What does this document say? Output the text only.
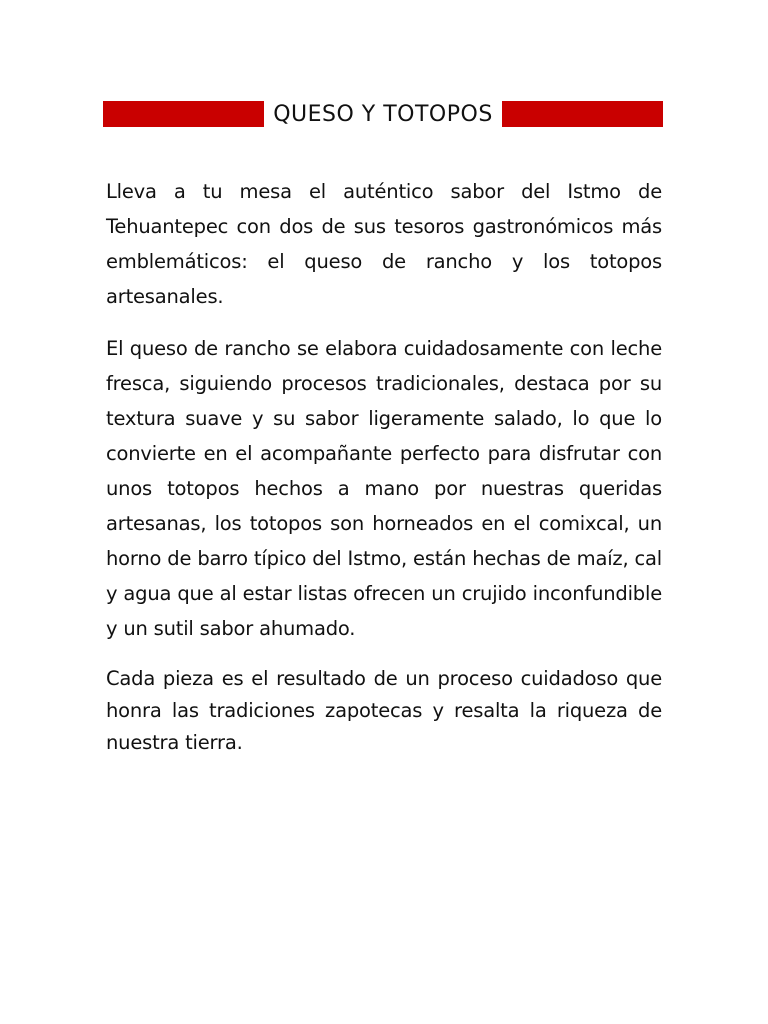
QUESO Y TOTOPOS

Lleva a tu mesa el auténtico sabor del Istmo de Tehuantepec con dos de sus tesoros gastronómicos más emblemáticos: el queso de rancho y los totopos artesanales.

El queso de rancho se elabora cuidadosamente con leche fresca, siguiendo procesos tradicionales, destaca por su textura suave y su sabor ligeramente salado, lo que lo convierte en el acompañante perfecto para disfrutar con unos totopos hechos a mano por nuestras queridas artesanas, los totopos son horneados en el comixcal, un horno de barro típico del Istmo, están hechas de maíz, cal y agua que al estar listas ofrecen un crujido inconfundible y un sutil sabor ahumado.

Cada pieza es el resultado de un proceso cuidadoso que honra las tradiciones zapotecas y resalta la riqueza de nuestra tierra.
